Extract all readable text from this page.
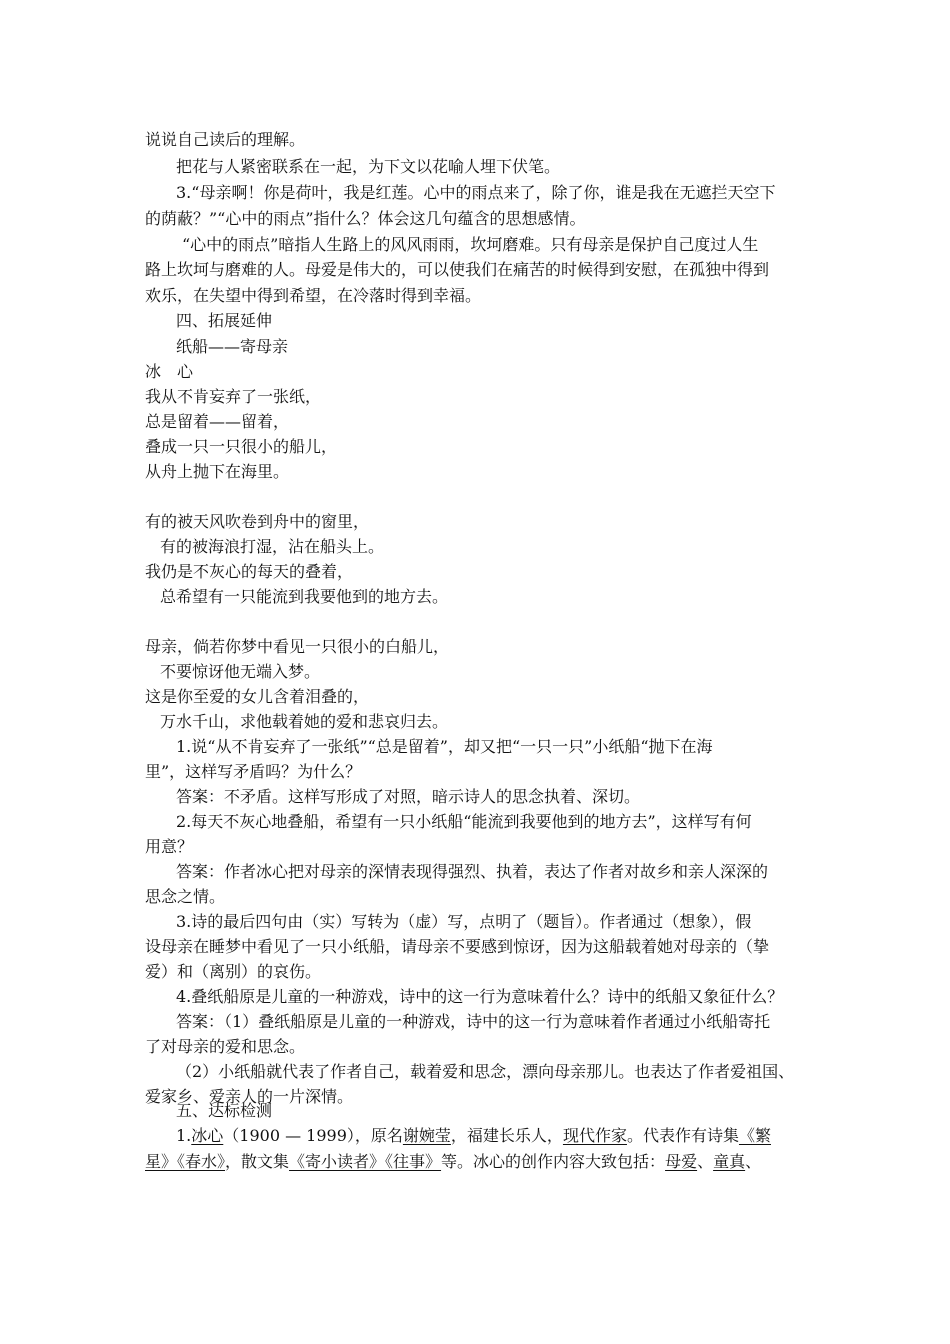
说说自己读后的理解。

把花与人紧密联系在一起，为下文以花喻人埋下伏笔。

3.“母亲啊！你是荷叶，我是红莲。心中的雨点来了，除了你，谁是我在无遮拦天空下

的荫蔽？”“心中的雨点”指什么？体会这几句蕴含的思想感情。

“心中的雨点”暗指人生路上的风风雨雨，坎坷磨难。只有母亲是保护自己度过人生

路上坎坷与磨难的人。母爱是伟大的，可以使我们在痛苦的时候得到安慰，在孤独中得到

欢乐，在失望中得到希望，在冷落时得到幸福。

四、拓展延伸

纸船——寄母亲

冰　心

我从不肯妄弃了一张纸，

总是留着——留着，

叠成一只一只很小的船儿，

从舟上抛下在海里。

有的被天风吹卷到舟中的窗里，

有的被海浪打湿，沾在船头上。

我仍是不灰心的每天的叠着，

总希望有一只能流到我要他到的地方去。

母亲，倘若你梦中看见一只很小的白船儿，

不要惊讶他无端入梦。

这是你至爱的女儿含着泪叠的，

万水千山，求他载着她的爱和悲哀归去。

1.说“从不肯妄弃了一张纸”“总是留着”，却又把“一只一只”小纸船“抛下在海

里”，这样写矛盾吗？为什么？

答案：不矛盾。这样写形成了对照，暗示诗人的思念执着、深切。

2.每天不灰心地叠船，希望有一只小纸船“能流到我要他到的地方去”，这样写有何

用意？

答案：作者冰心把对母亲的深情表现得强烈、执着，表达了作者对故乡和亲人深深的

思念之情。

3.诗的最后四句由（实）写转为（虚）写，点明了（题旨）。作者通过（想象），假

设母亲在睡梦中看见了一只小纸船，请母亲不要感到惊讶，因为这船载着她对母亲的（挚

爱）和（离别）的哀伤。

4.叠纸船原是儿童的一种游戏，诗中的这一行为意味着什么？诗中的纸船又象征什么？

答案：（1）叠纸船原是儿童的一种游戏，诗中的这一行为意味着作者通过小纸船寄托

了对母亲的爱和思念。

（2）小纸船就代表了作者自己，载着爱和思念，漂向母亲那儿。也表达了作者爱祖国、

爱家乡、爱亲人的一片深情。

五、达标检测

1.冰心（1900 — 1999），原名谢婉莹，福建长乐人，现代作家。代表作有诗集《繁

星》《春水》，散文集《寄小读者》《往事》等。冰心的创作内容大致包括：母爱、童真、
